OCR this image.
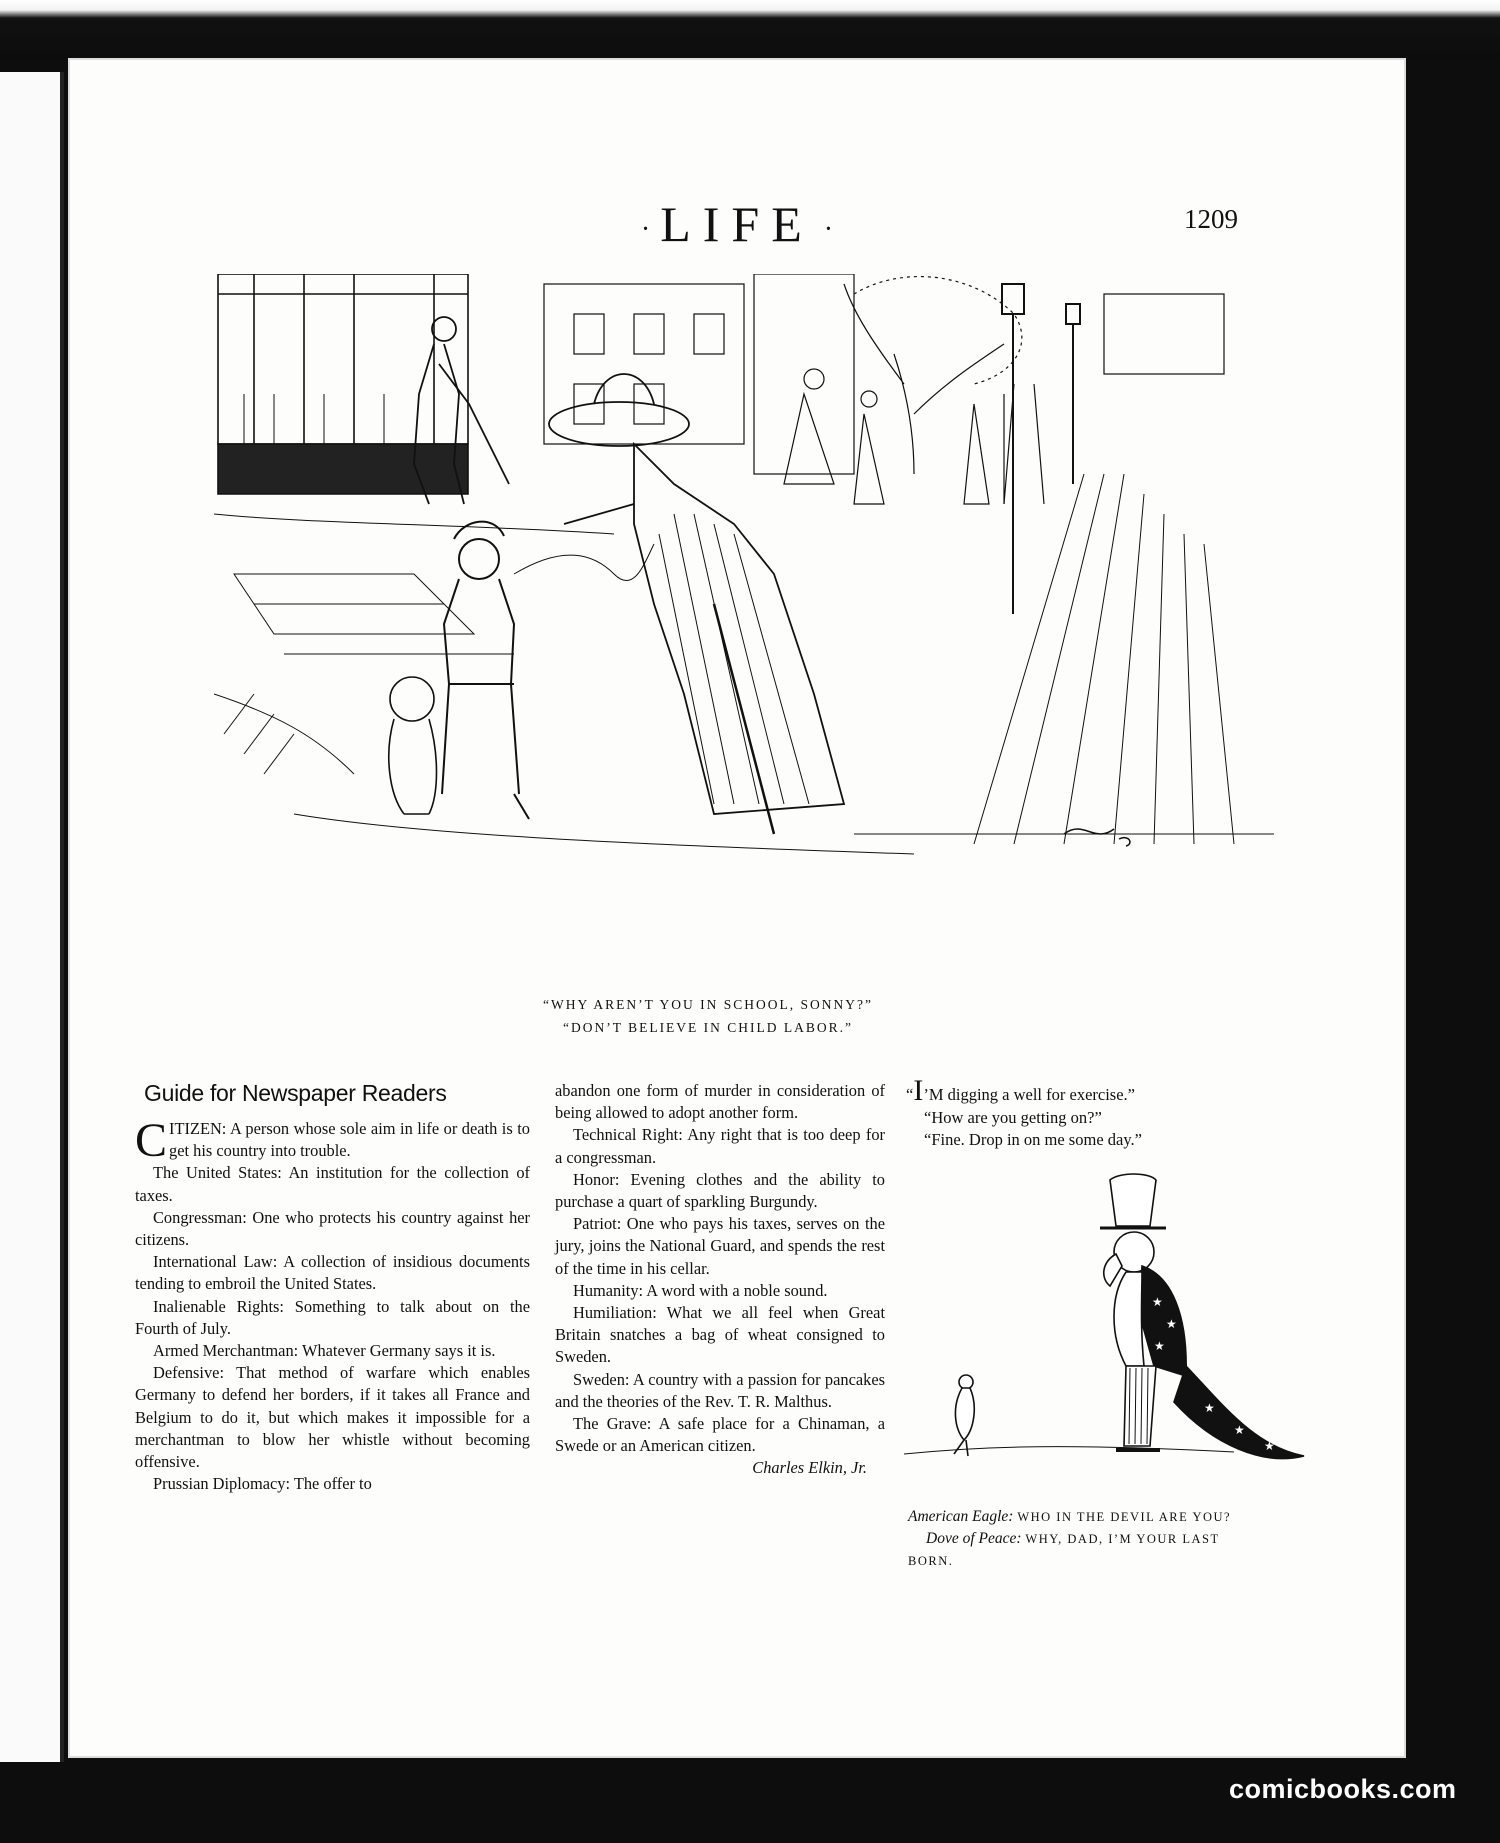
· LIFE ·	1209
“WHY AREN’T YOU IN SCHOOL, SONNY?”
“DON’T BELIEVE IN CHILD LABOR.”
Guide for Newspaper Readers

CITIZEN: A person whose sole aim in life or death is to get his country into trouble.

The United States: An institution for the collection of taxes.

Congressman: One who protects his country against her citizens.

International Law: A collection of insidious documents tending to embroil the United States.

Inalienable Rights: Something to talk about on the Fourth of July.

Armed Merchantman: Whatever Germany says it is.

Defensive: That method of warfare which enables Germany to defend her borders, if it takes all France and Belgium to do it, but which makes it impossible for a merchantman to blow her whistle without becoming offensive.

Prussian Diplomacy: The offer to

abandon one form of murder in consideration of being allowed to adopt another form.

Technical Right: Any right that is too deep for a congressman.

Honor: Evening clothes and the ability to purchase a quart of sparkling Burgundy.

Patriot: One who pays his taxes, serves on the jury, joins the National Guard, and spends the rest of the time in his cellar.

Humanity: A word with a noble sound.

Humiliation: What we all feel when Great Britain snatches a bag of wheat consigned to Sweden.

Sweden: A country with a passion for pancakes and the theories of the Rev. T. R. Malthus.

The Grave: A safe place for a Chinaman, a Swede or an American citizen.
Charles Elkin, Jr.

“I’M digging a well for exercise.”
“How are you getting on?”
“Fine. Drop in on me some day.”
★
★
★
★
★
★
American Eagle: WHO IN THE DEVIL ARE YOU?
Dove of Peace: WHY, DAD, I’M YOUR LAST BORN.
comicbooks.com
